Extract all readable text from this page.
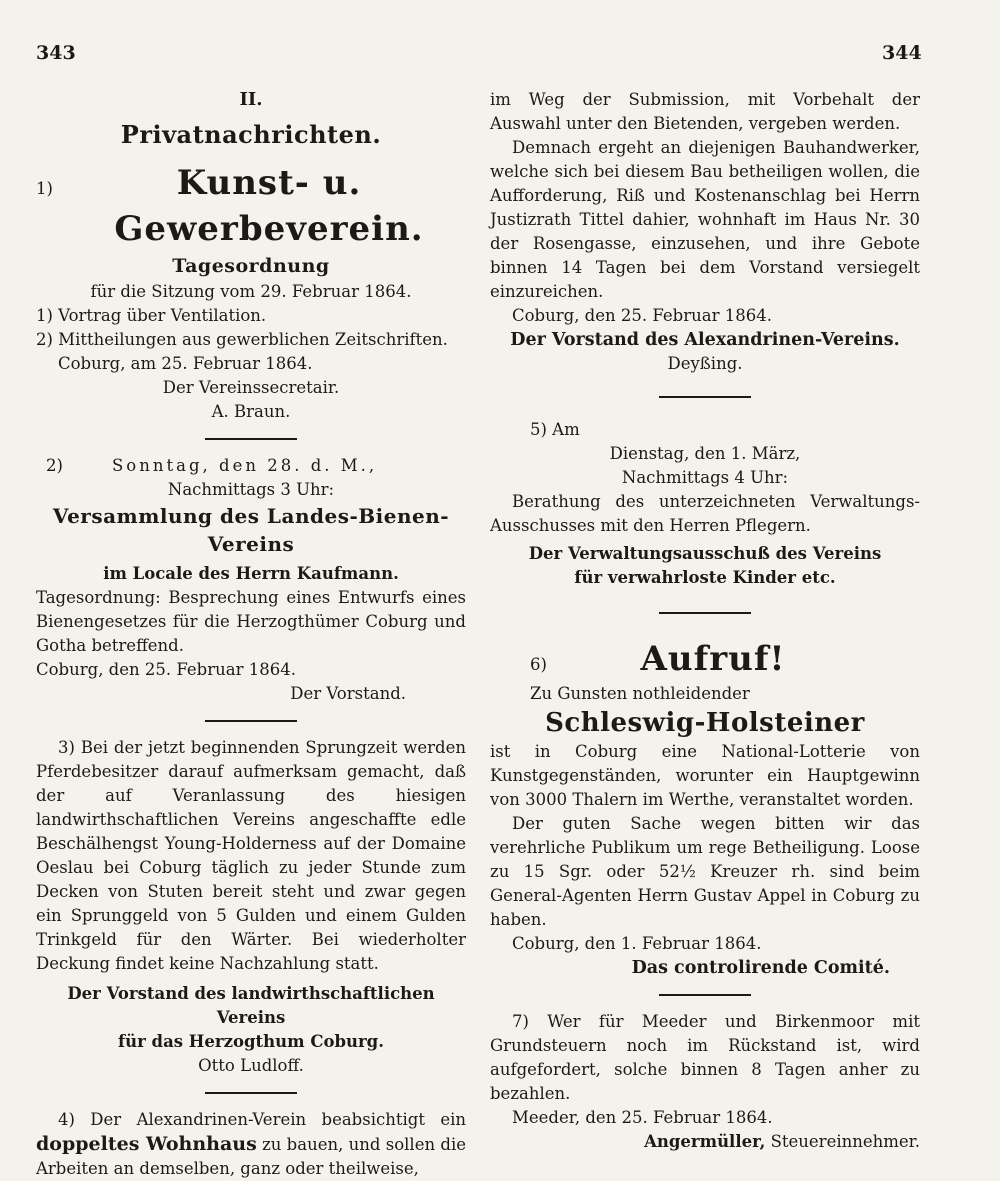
343	344
II.
Privatnachrichten.
1)	Kunst- u. Gewerbeverein.
Tagesordnung
für die Sitzung vom 29. Februar 1864.
1) Vortrag über Ventilation.
2) Mittheilungen aus gewerblichen Zeitschriften.
Coburg, am 25. Februar 1864.
Der Vereinssecretair.
A. Braun.
2)	Sonntag, den 28. d. M.,
Nachmittags 3 Uhr:
Versammlung des Landes-Bienen-Vereins
im Locale des Herrn Kaufmann.
Tagesordnung: Besprechung eines Entwurfs eines Bienengesetzes für die Herzogthümer Coburg und Gotha betreffend.
Coburg, den 25. Februar 1864.
Der Vorstand.
3) Bei der jetzt beginnenden Sprungzeit werden Pferdebesitzer darauf aufmerksam gemacht, daß der auf Veranlassung des hiesigen landwirthschaftlichen Vereins angeschaffte edle Beschälhengst Young-Holderness auf der Domaine Oeslau bei Coburg täglich zu jeder Stunde zum Decken von Stuten bereit steht und zwar gegen ein Sprunggeld von 5 Gulden und einem Gulden Trinkgeld für den Wärter. Bei wiederholter Deckung findet keine Nachzahlung statt.
Der Vorstand des landwirthschaftlichen Vereins
für das Herzogthum Coburg.
Otto Ludloff.
4) Der Alexandrinen-Verein beabsichtigt ein doppeltes Wohnhaus zu bauen, und sollen die Arbeiten an demselben, ganz oder theilweise,
im Weg der Submission, mit Vorbehalt der Auswahl unter den Bietenden, vergeben werden.
Demnach ergeht an diejenigen Bauhandwerker, welche sich bei diesem Bau betheiligen wollen, die Aufforderung, Riß und Kostenanschlag bei Herrn Justizrath Tittel dahier, wohnhaft im Haus Nr. 30 der Rosengasse, einzusehen, und ihre Gebote binnen 14 Tagen bei dem Vorstand versiegelt einzureichen.
Coburg, den 25. Februar 1864.
Der Vorstand des Alexandrinen-Vereins.
Deyßing.
5) Am
Dienstag, den 1. März,
Nachmittags 4 Uhr:
Berathung des unterzeichneten Verwaltungs-Ausschusses mit den Herren Pflegern.
Der Verwaltungsausschuß des Vereins
für verwahrloste Kinder etc.
6)	Aufruf!
Zu Gunsten nothleidender
Schleswig-Holsteiner
ist in Coburg eine National-Lotterie von Kunstgegenständen, worunter ein Hauptgewinn von 3000 Thalern im Werthe, veranstaltet worden.
Der guten Sache wegen bitten wir das verehrliche Publikum um rege Betheiligung. Loose zu 15 Sgr. oder 52½ Kreuzer rh. sind beim General-Agenten Herrn Gustav Appel in Coburg zu haben.
Coburg, den 1. Februar 1864.
Das controlirende Comité.
7) Wer für Meeder und Birkenmoor mit Grundsteuern noch im Rückstand ist, wird aufgefordert, solche binnen 8 Tagen anher zu bezahlen.
Meeder, den 25. Februar 1864.
Angermüller, Steuereinnehmer.
